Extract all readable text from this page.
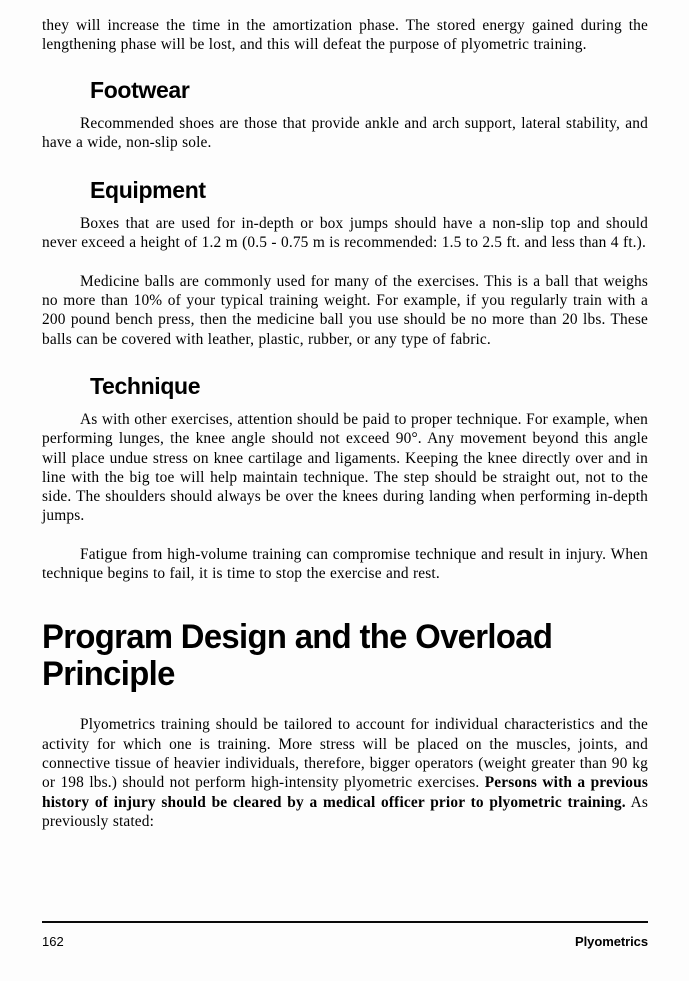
they will increase the time in the amortization phase. The stored energy gained during the lengthening phase will be lost, and this will defeat the purpose of plyometric training.

Footwear

Recommended shoes are those that provide ankle and arch support, lateral stability, and have a wide, non-slip sole.

Equipment

Boxes that are used for in-depth or box jumps should have a non-slip top and should never exceed a height of 1.2 m (0.5 - 0.75 m is recommended: 1.5 to 2.5 ft. and less than 4 ft.).

Medicine balls are commonly used for many of the exercises. This is a ball that weighs no more than 10% of your typical training weight. For example, if you regularly train with a 200 pound bench press, then the medicine ball you use should be no more than 20 lbs. These balls can be covered with leather, plastic, rubber, or any type of fabric.

Technique

As with other exercises, attention should be paid to proper technique. For example, when performing lunges, the knee angle should not exceed 90°. Any movement beyond this angle will place undue stress on knee cartilage and ligaments. Keeping the knee directly over and in line with the big toe will help maintain technique. The step should be straight out, not to the side. The shoulders should always be over the knees during landing when performing in-depth jumps.

Fatigue from high-volume training can compromise technique and result in injury. When technique begins to fail, it is time to stop the exercise and rest.

Program Design and the Overload Principle

Plyometrics training should be tailored to account for individual characteristics and the activity for which one is training. More stress will be placed on the muscles, joints, and connective tissue of heavier individuals, therefore, bigger operators (weight greater than 90 kg or 198 lbs.) should not perform high-intensity plyometric exercises. Persons with a previous history of injury should be cleared by a medical officer prior to plyometric training. As previously stated:

162	Plyometrics
